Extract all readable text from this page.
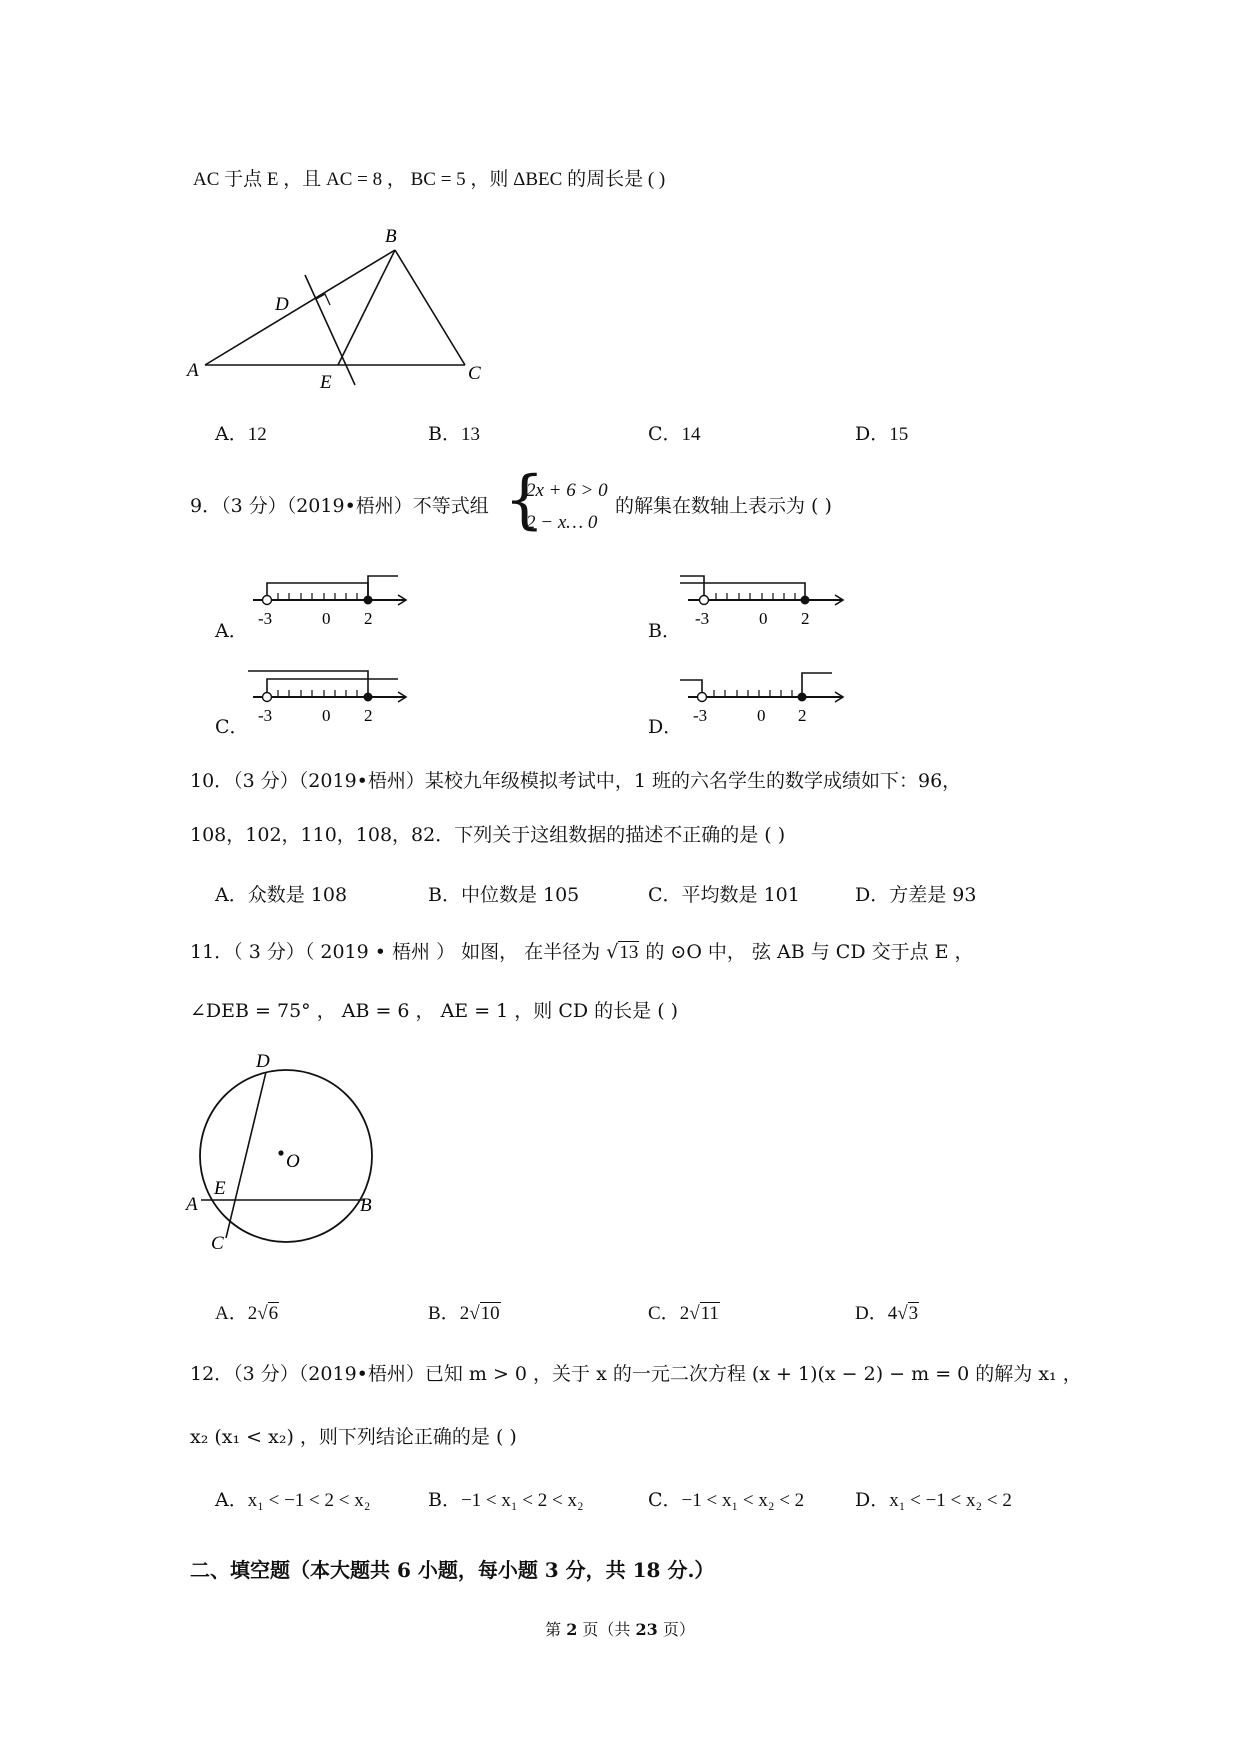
AC 于点 E ，且 AC = 8 ， BC = 5 ，则 ΔBEC 的周长是 ( )
A
B
C
D
E
A．12	B．13	C．14	D．15
9．（3 分）（2019•梧州）不等式组 {
2x + 6 > 0
2 − x… 0
的解集在数轴上表示为 ( )
A．
-3	0 2
B．
-3	0 2
C．
-3	0 2
D．
-3	0 2
10．（3 分）（2019•梧州）某校九年级模拟考试中，1 班的六名学生的数学成绩如下：96，
108，102，110，108，82．下列关于这组数据的描述不正确的是 ( )
A．众数是 108	B．中位数是 105	C．平均数是 101	D．方差是 93
11．（ 3 分）（ 2019 • 梧州 ） 如图， 在半径为 √13 的 ⊙O 中， 弦 AB 与 CD 交于点 E ，
∠DEB = 75° ， AB = 6 ， AE = 1 ，则 CD 的长是 ( )
A	B
C
D
E
O
A．2√6	B．2√10	C．2√11	D．4√3
12．（3 分）（2019•梧州）已知 m > 0 ，关于 x 的一元二次方程 (x + 1)(x − 2) − m = 0 的解为 x₁ ，
x₂ (x₁ < x₂) ，则下列结论正确的是 ( )
A．x₁ < −1 < 2 < x₂	B．−1 < x₁ < 2 < x₂	C．−1 < x₁ < x₂ < 2	D．x₁ < −1 < x₂ < 2
二、填空题（本大题共 6 小题，每小题 3 分，共 18 分.）
第 2 页（共 23 页）
